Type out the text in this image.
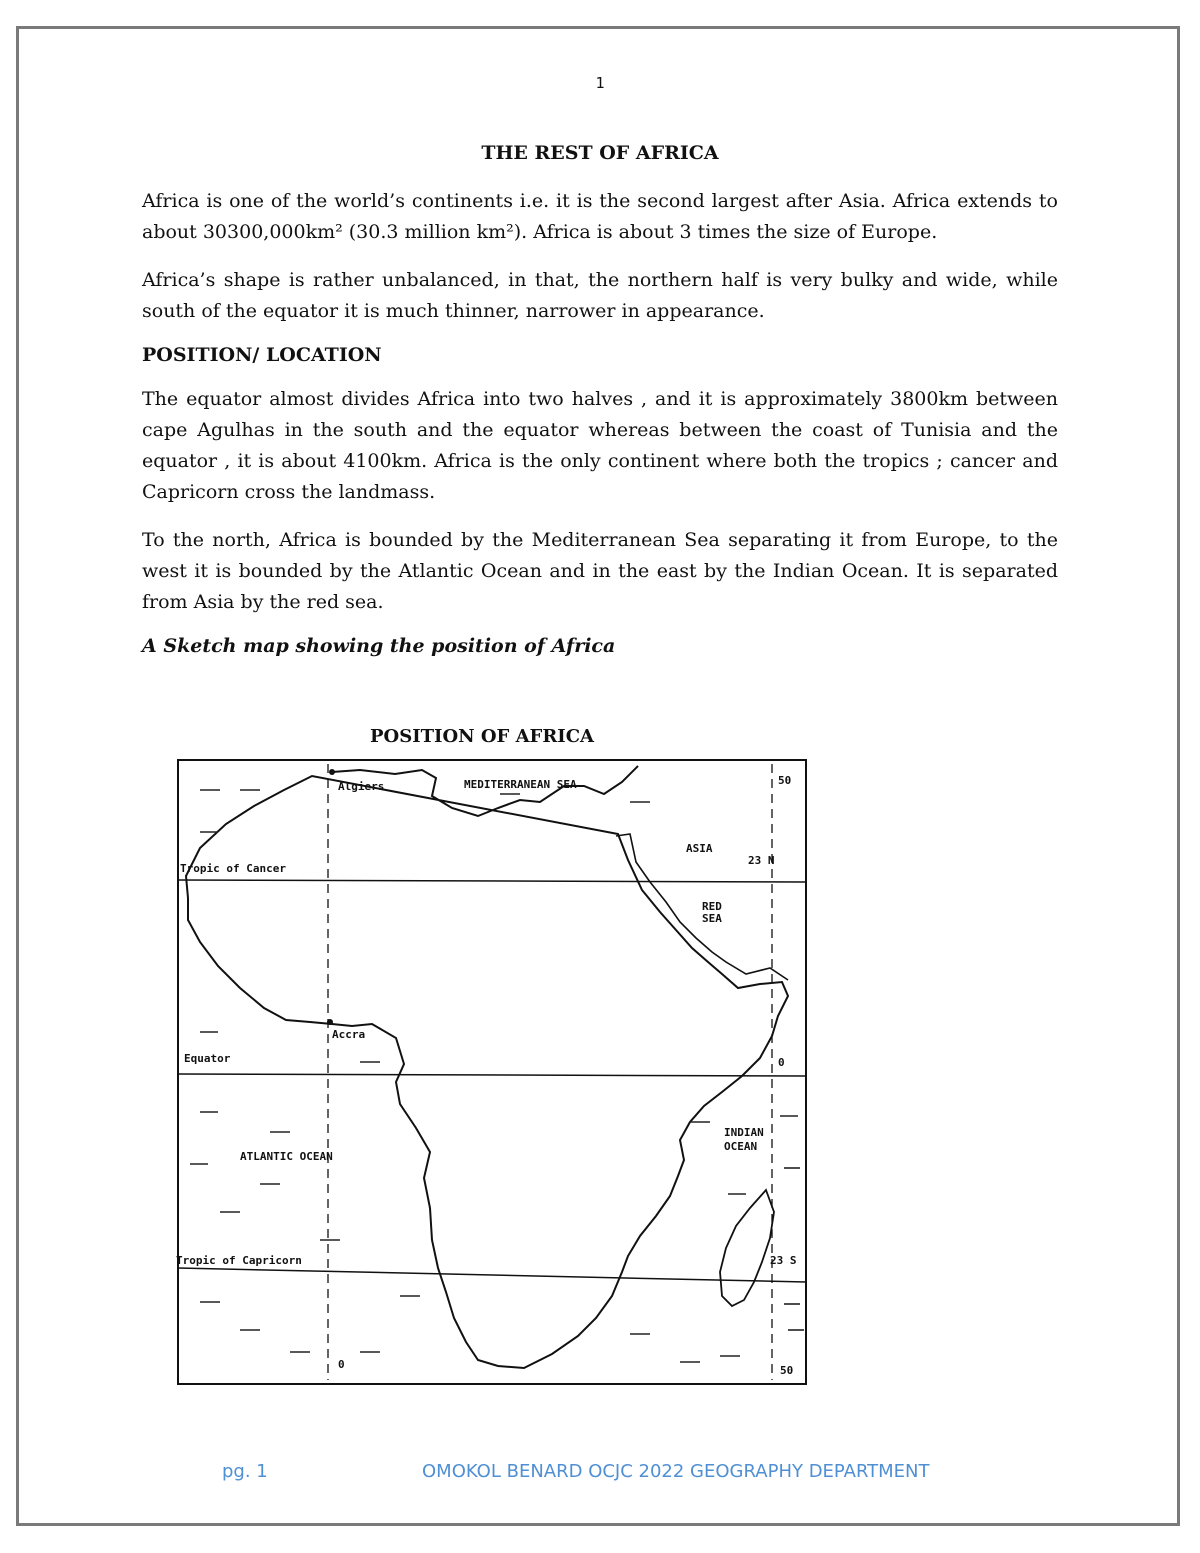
1

THE REST OF AFRICA

Africa is one of the world’s continents i.e. it is the second largest after Asia. Africa extends to about 30300,000km² (30.3 million km²). Africa is about 3 times the size of Europe.

Africa’s shape is rather unbalanced, in that, the northern half is very bulky and wide, while south of the equator it is much thinner, narrower in appearance.

POSITION/ LOCATION

The equator almost divides Africa into two halves , and it is approximately 3800km between cape Agulhas in the south and the equator whereas between the coast of Tunisia and the equator , it is about 4100km. Africa is the only continent where both the tropics ; cancer and Capricorn cross the landmass.

To the north, Africa is bounded by the Mediterranean Sea separating it from Europe, to the west it is bounded by the Atlantic Ocean and in the east by the Indian Ocean. It is separated from Asia by the red sea.

A Sketch map showing the position of Africa

POSITION OF AFRICA
Algiers	MEDITERRANEAN SEA
ASIA
RED
SEA
Tropic of Cancer
23 N
Accra
Equator	0
ATLANTIC OCEAN
INDIAN
OCEAN
Tropic of Capricorn	23 S
50
50
0
pg. 1	OMOKOL BENARD OCJC 2022 GEOGRAPHY DEPARTMENT
